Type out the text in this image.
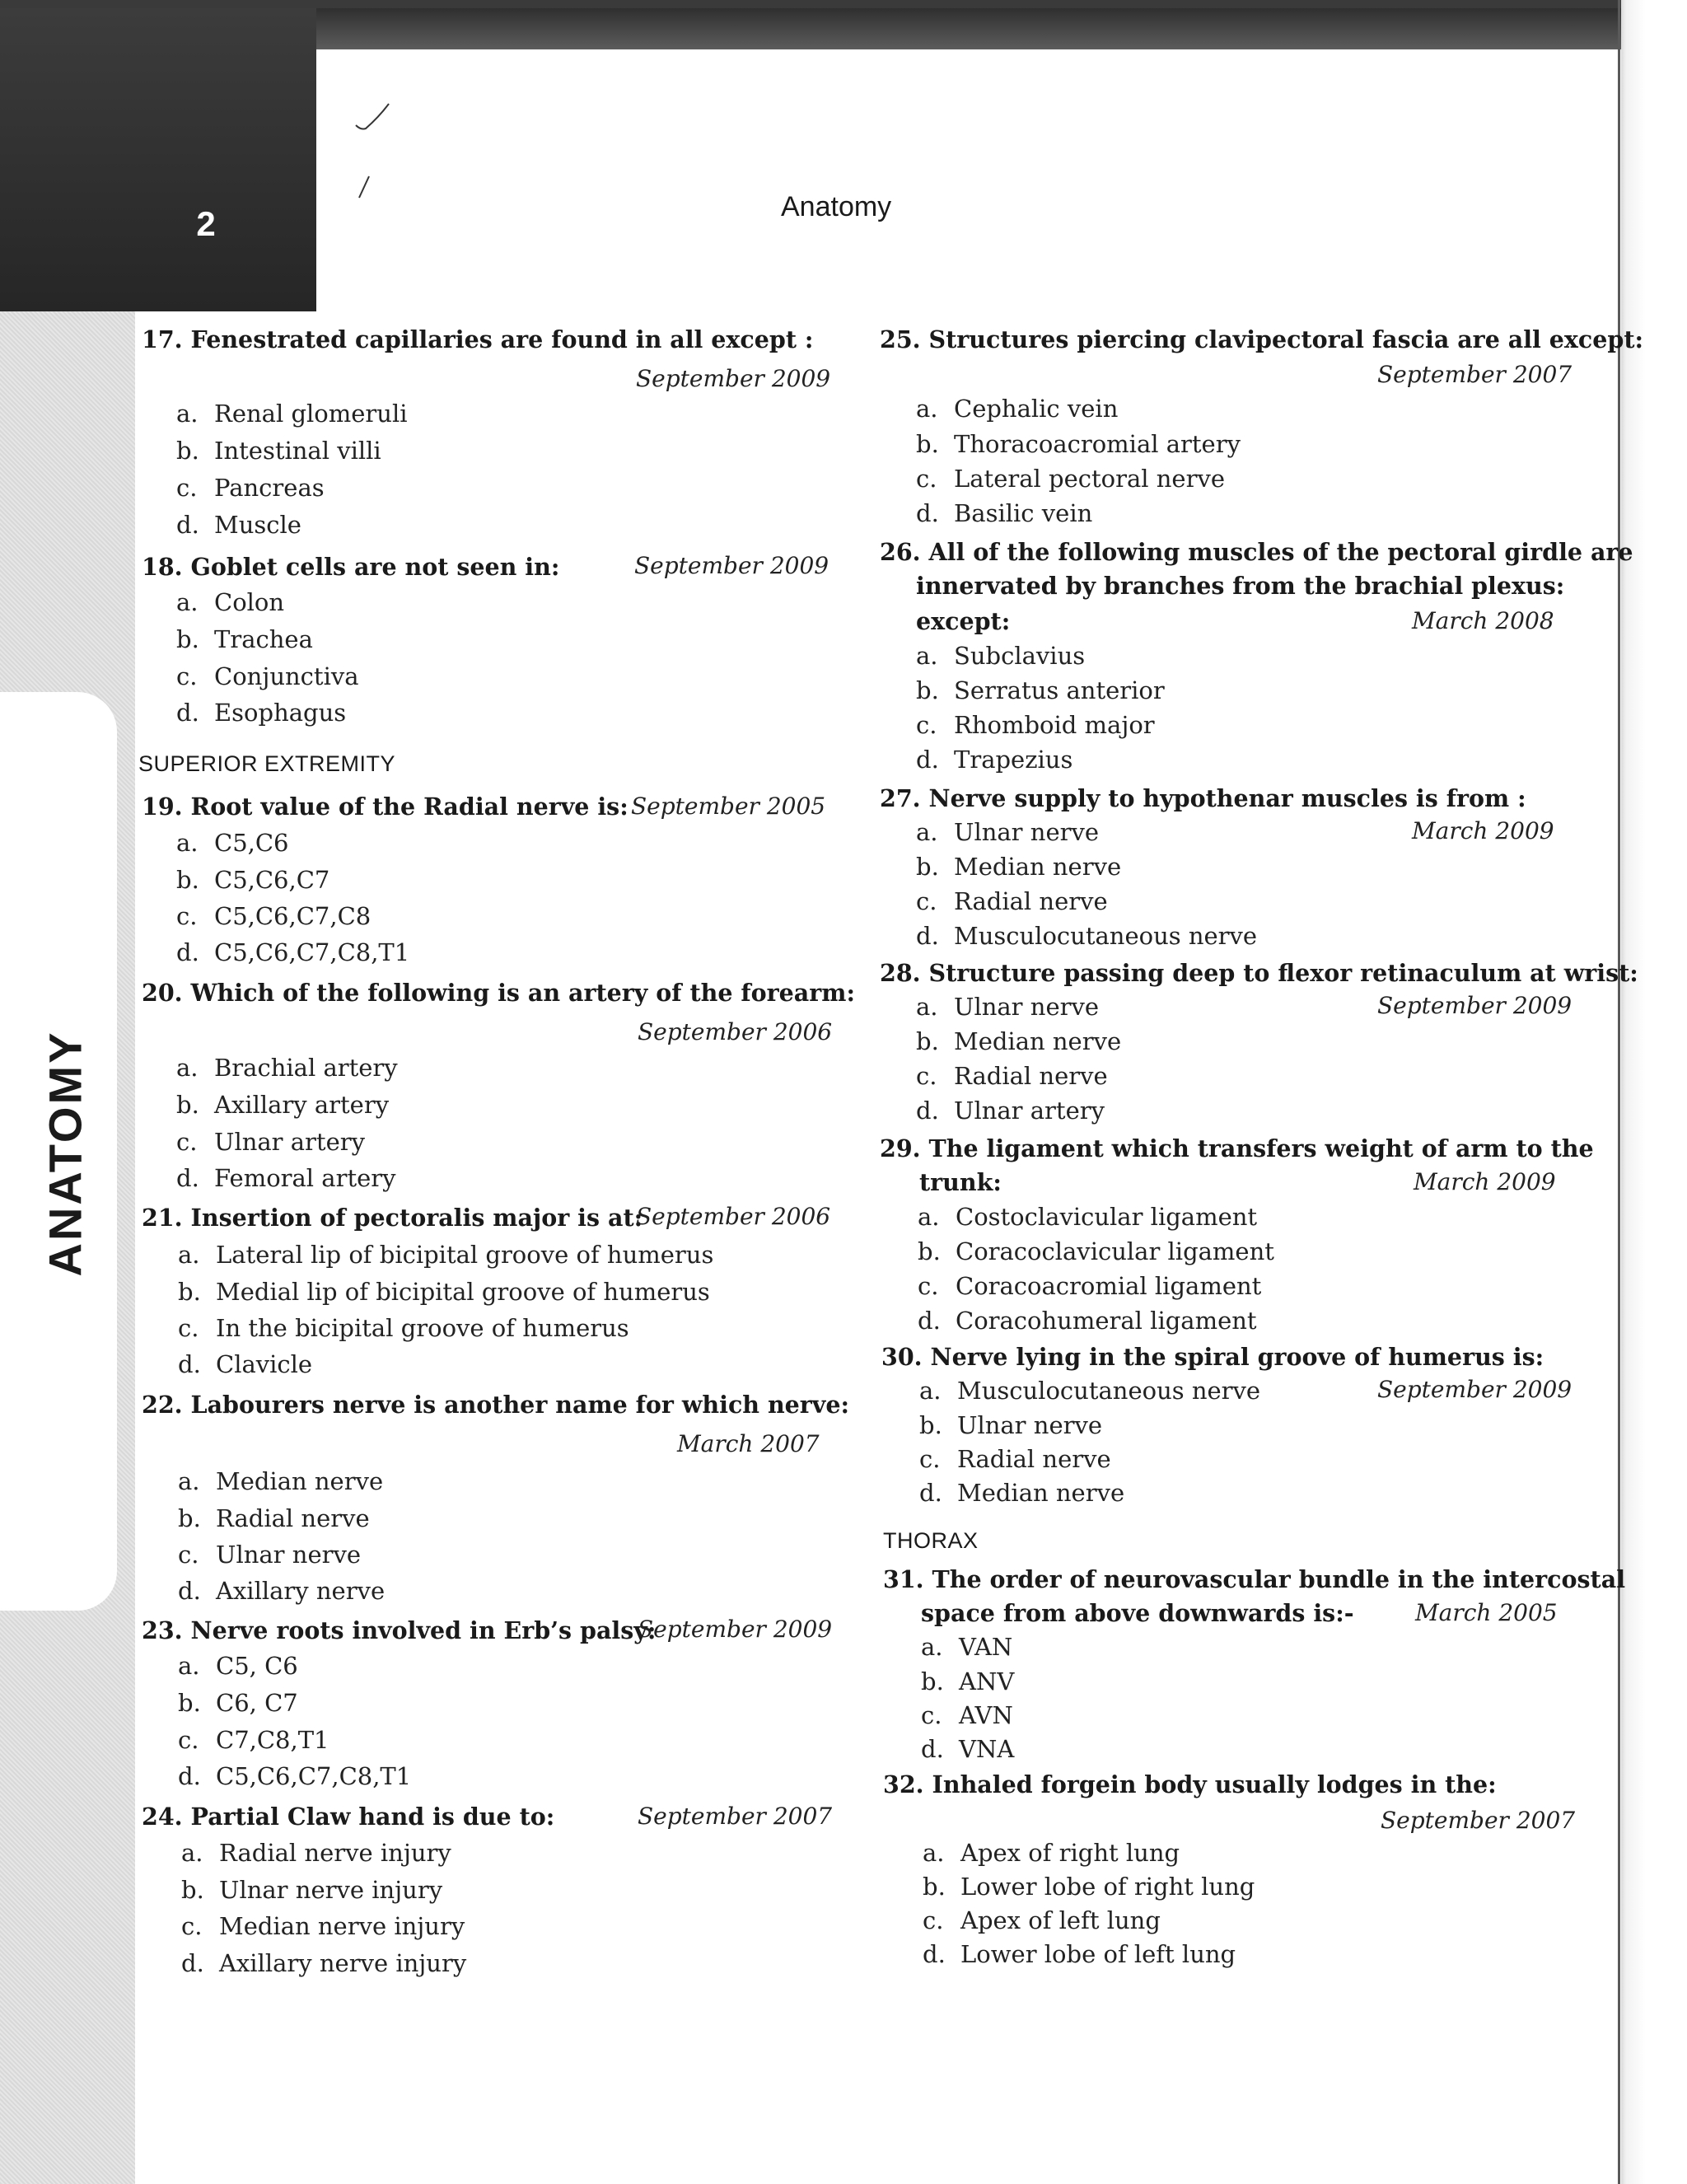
2	Anatomy
ANATOMY
17. Fenestrated capillaries are found in all except :
September 2009
a. Renal glomeruli
b. Intestinal villi
c. Pancreas
d. Muscle
18. Goblet cells are not seen in:	September 2009
a. Colon
b. Trachea
c. Conjunctiva
d. Esophagus
SUPERIOR EXTREMITY
19. Root value of the Radial nerve is: September 2005
a. C5,C6
b. C5,C6,C7
c. C5,C6,C7,C8
d. C5,C6,C7,C8,T1
20. Which of the following is an artery of the forearm:
September 2006
a. Brachial artery
b. Axillary artery
c. Ulnar artery
d. Femoral artery
21. Insertion of pectoralis major is at:
September 2006
a. Lateral lip of bicipital groove of humerus
b. Medial lip of bicipital groove of humerus
c. In the bicipital groove of humerus
d. Clavicle
22. Labourers nerve is another name for which nerve:
March 2007
a. Median nerve
b. Radial nerve
c. Ulnar nerve
d. Axillary nerve
23. Nerve roots involved in Erb’s palsy:
September 2009
a. C5, C6
b. C6, C7
c. C7,C8,T1
d. C5,C6,C7,C8,T1
24. Partial Claw hand is due to:	September 2007
a. Radial nerve injury
b. Ulnar nerve injury
c. Median nerve injury
d. Axillary nerve injury
25. Structures piercing clavipectoral fascia are all except:
September 2007
a. Cephalic vein
b. Thoracoacromial artery
c. Lateral pectoral nerve
d. Basilic vein
26. All of the following muscles of the pectoral girdle are
innervated by branches from the brachial plexus:
except:	March 2008
a. Subclavius
b. Serratus anterior
c. Rhomboid major
d. Trapezius
27. Nerve supply to hypothenar muscles is from :
a. Ulnar nerve	March 2009
b. Median nerve
c. Radial nerve
d. Musculocutaneous nerve
28. Structure passing deep to flexor retinaculum at wrist:
a. Ulnar nerve	September 2009
b. Median nerve
c. Radial nerve
d. Ulnar artery
29. The ligament which transfers weight of arm to the
trunk:	March 2009
a. Costoclavicular ligament
b. Coracoclavicular ligament
c. Coracoacromial ligament
d. Coracohumeral ligament
30. Nerve lying in the spiral groove of humerus is:
a. Musculocutaneous nerve	September 2009
b. Ulnar nerve
c. Radial nerve
d. Median nerve
THORAX
31. The order of neurovascular bundle in the intercostal
space from above downwards is:-	March 2005
a. VAN
b. ANV
c. AVN
d. VNA
32. Inhaled forgein body usually lodges in the:
September 2007
a. Apex of right lung
b. Lower lobe of right lung
c. Apex of left lung
d. Lower lobe of left lung
